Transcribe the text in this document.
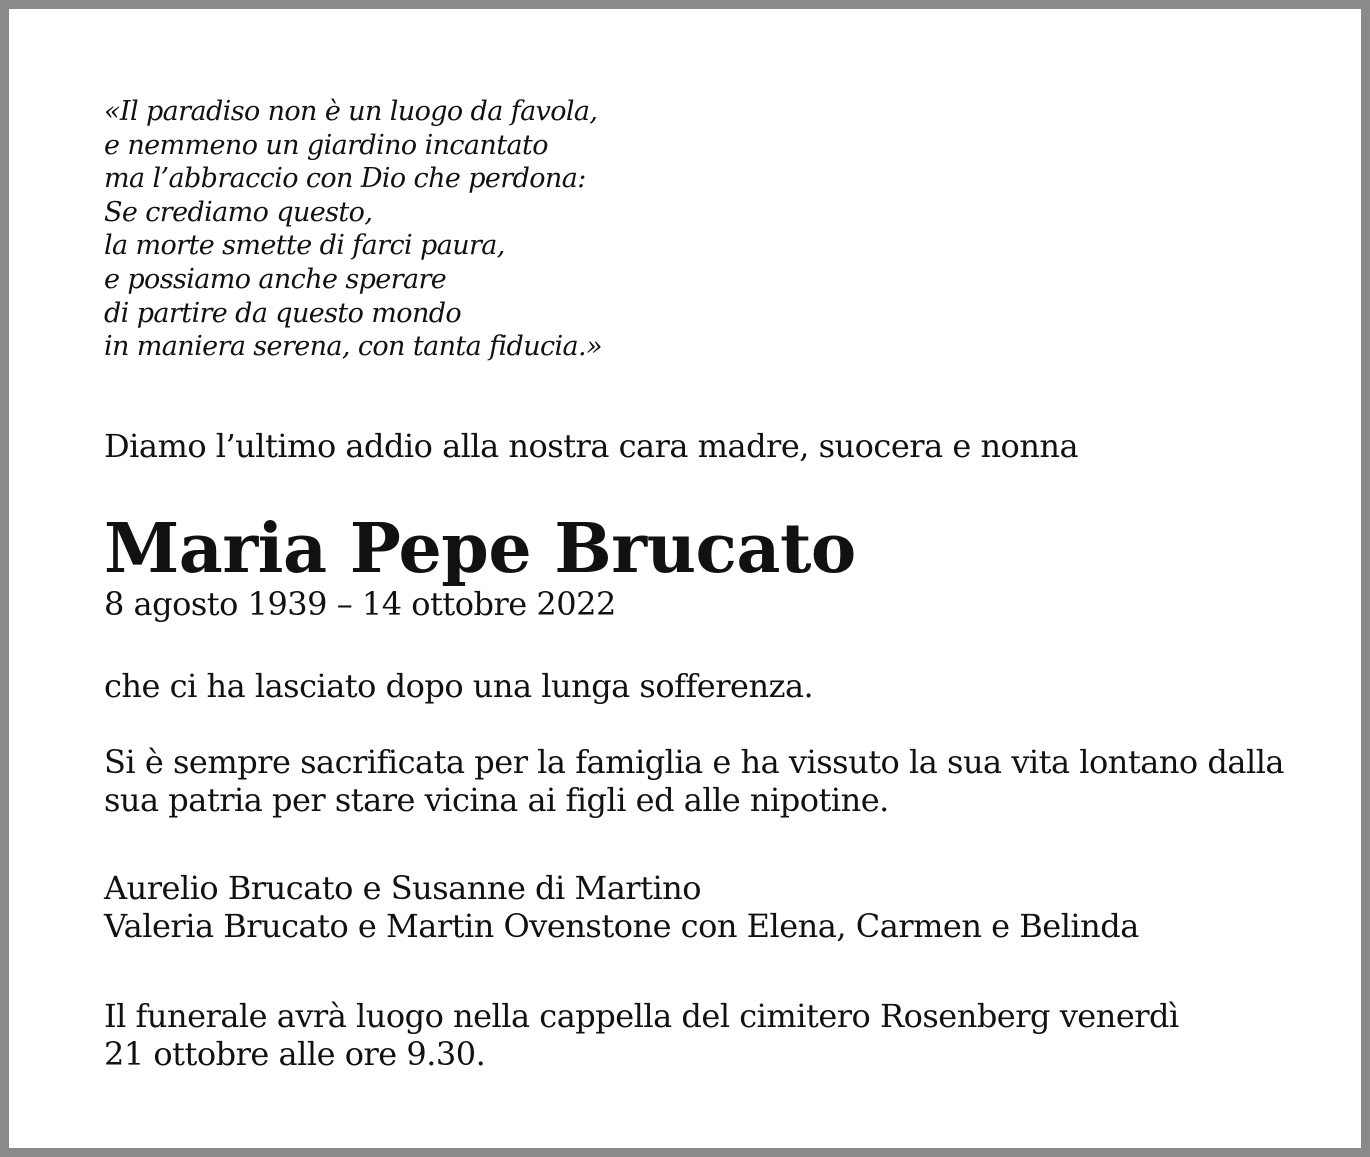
«Il paradiso non è un luogo da favola,
e nemmeno un giardino incantato
ma l’abbraccio con Dio che perdona:
Se crediamo questo,
la morte smette di farci paura,
e possiamo anche sperare
di partire da questo mondo
in maniera serena, con tanta fiducia.»
Diamo l’ultimo addio alla nostra cara madre, suocera e nonna
Maria Pepe Brucato
8 agosto 1939 – 14 ottobre 2022
che ci ha lasciato dopo una lunga sofferenza.
Si è sempre sacrificata per la famiglia e ha vissuto la sua vita lontano dalla sua patria per stare vicina ai figli ed alle nipotine.
Aurelio Brucato e Susanne di Martino
Valeria Brucato e Martin Ovenstone con Elena, Carmen e Belinda
Il funerale avrà luogo nella cappella del cimitero Rosenberg venerdì
21 ottobre alle ore 9.30.
